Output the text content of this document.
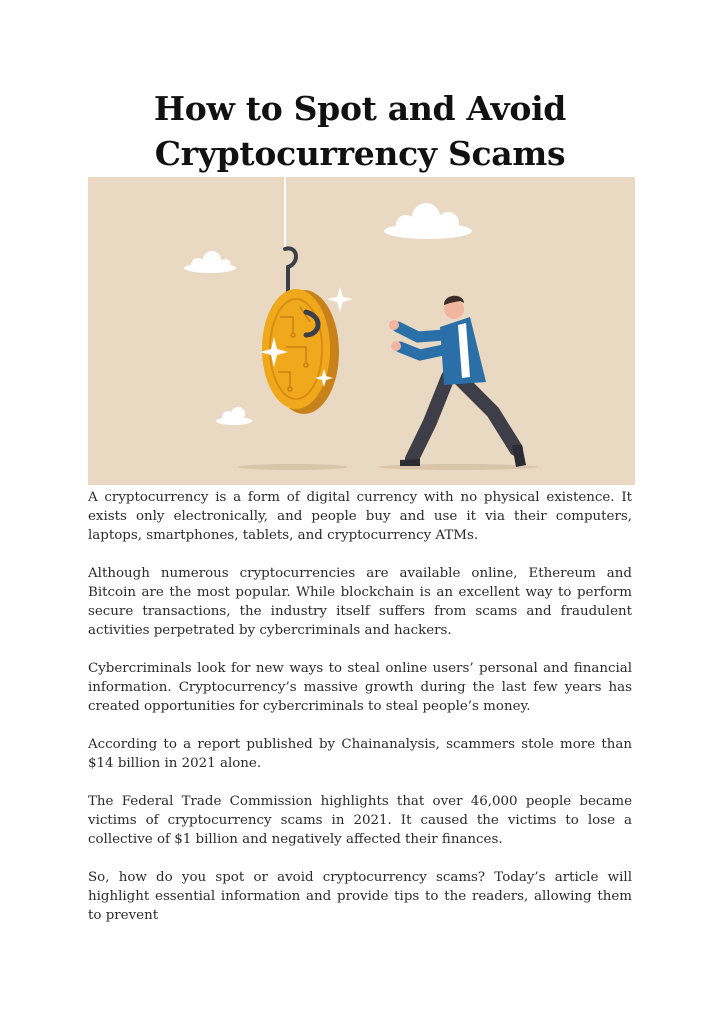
How to Spot and Avoid
Cryptocurrency Scams

A cryptocurrency is a form of digital currency with no physical existence. It exists only electronically, and people buy and use it via their computers, laptops, smartphones, tablets, and cryptocurrency ATMs.

Although numerous cryptocurrencies are available online, Ethereum and Bitcoin are the most popular. While blockchain is an excellent way to perform secure transactions, the industry itself suffers from scams and fraudulent activities perpetrated by cybercriminals and hackers.

Cybercriminals look for new ways to steal online users’ personal and financial information. Cryptocurrency’s massive growth during the last few years has created opportunities for cybercriminals to steal people’s money.

According to a report published by Chainanalysis, scammers stole more than $14 billion in 2021 alone.

The Federal Trade Commission highlights that over 46,000 people became victims of cryptocurrency scams in 2021. It caused the victims to lose a collective of $1 billion and negatively affected their finances.

So, how do you spot or avoid cryptocurrency scams? Today’s article will highlight essential information and provide tips to the readers, allowing them to prevent
